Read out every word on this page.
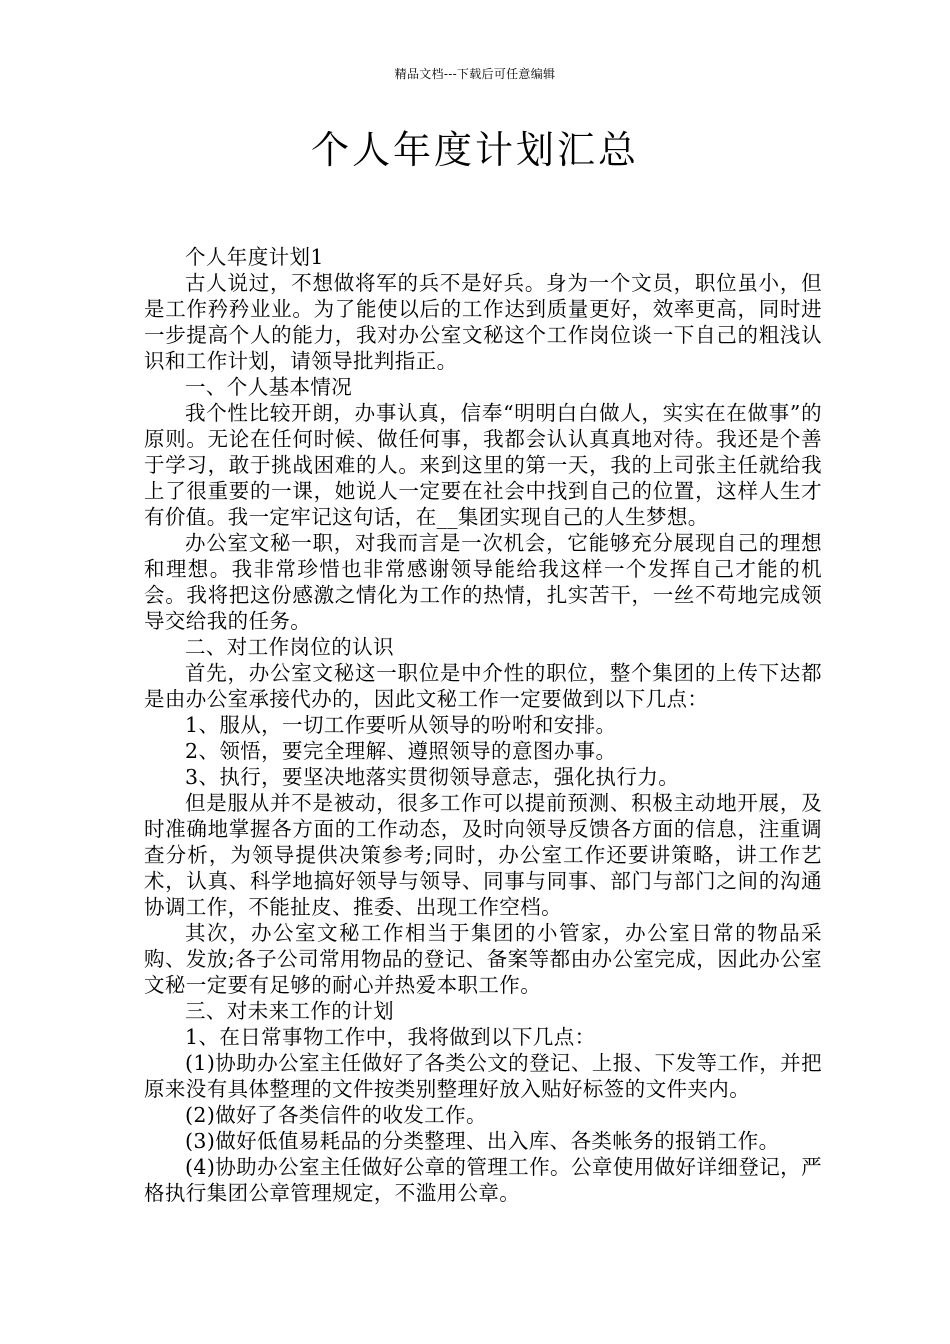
精品文档---下载后可任意编辑
个人年度计划汇总

个人年度计划1

古人说过，不想做将军的兵不是好兵。身为一个文员，职位虽小，但是工作矜矜业业。为了能使以后的工作达到质量更好，效率更高，同时进一步提高个人的能力，我对办公室文秘这个工作岗位谈一下自己的粗浅认识和工作计划，请领导批判指正。

一、个人基本情况

我个性比较开朗，办事认真，信奉“明明白白做人，实实在在做事”的原则。无论在任何时候、做任何事，我都会认认真真地对待。我还是个善于学习，敢于挑战困难的人。来到这里的第一天，我的上司张主任就给我上了很重要的一课，她说人一定要在社会中找到自己的位置，这样人生才有价值。我一定牢记这句话，在__集团实现自己的人生梦想。

办公室文秘一职，对我而言是一次机会，它能够充分展现自己的理想和理想。我非常珍惜也非常感谢领导能给我这样一个发挥自己才能的机会。我将把这份感激之情化为工作的热情，扎实苦干，一丝不苟地完成领导交给我的任务。

二、对工作岗位的认识

首先，办公室文秘这一职位是中介性的职位，整个集团的上传下达都是由办公室承接代办的，因此文秘工作一定要做到以下几点：

1、服从，一切工作要听从领导的吩咐和安排。

2、领悟，要完全理解、遵照领导的意图办事。

3、执行，要坚决地落实贯彻领导意志，强化执行力。

但是服从并不是被动，很多工作可以提前预测、积极主动地开展，及时准确地掌握各方面的工作动态，及时向领导反馈各方面的信息，注重调查分析，为领导提供决策参考;同时，办公室工作还要讲策略，讲工作艺术，认真、科学地搞好领导与领导、同事与同事、部门与部门之间的沟通协调工作，不能扯皮、推委、出现工作空档。

其次，办公室文秘工作相当于集团的小管家，办公室日常的物品采购、发放;各子公司常用物品的登记、备案等都由办公室完成，因此办公室文秘一定要有足够的耐心并热爱本职工作。

三、对未来工作的计划

1、在日常事物工作中，我将做到以下几点：

(1)协助办公室主任做好了各类公文的登记、上报、下发等工作，并把原来没有具体整理的文件按类别整理好放入贴好标签的文件夹内。

(2)做好了各类信件的收发工作。

(3)做好低值易耗品的分类整理、出入库、各类帐务的报销工作。

(4)协助办公室主任做好公章的管理工作。公章使用做好详细登记，严格执行集团公章管理规定，不滥用公章。
